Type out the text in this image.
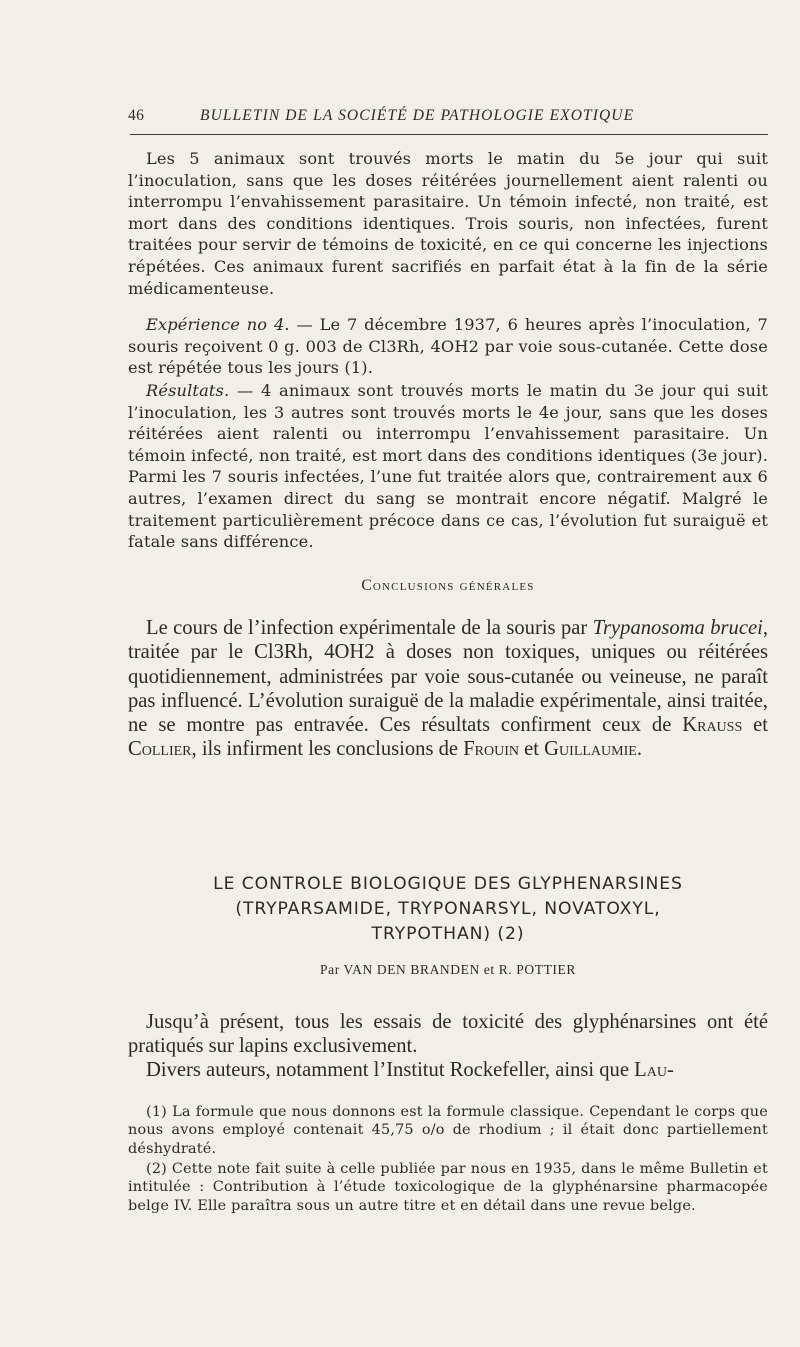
46	BULLETIN DE LA SOCIÉTÉ DE PATHOLOGIE EXOTIQUE

Les 5 animaux sont trouvés morts le matin du 5e jour qui suit l’inoculation, sans que les doses réitérées journellement aient ralenti ou interrompu l’envahissement parasitaire. Un témoin infecté, non traité, est mort dans des conditions identiques. Trois souris, non infectées, furent traitées pour servir de témoins de toxicité, en ce qui concerne les injections répétées. Ces animaux furent sacrifiés en parfait état à la fin de la série médicamenteuse.

Expérience no 4. — Le 7 décembre 1937, 6 heures après l’inoculation, 7 souris reçoivent 0 g. 003 de Cl3Rh, 4OH2 par voie sous-cutanée. Cette dose est répétée tous les jours (1).

Résultats. — 4 animaux sont trouvés morts le matin du 3e jour qui suit l’inoculation, les 3 autres sont trouvés morts le 4e jour, sans que les doses réitérées aient ralenti ou interrompu l’envahissement parasitaire. Un témoin infecté, non traité, est mort dans des conditions identiques (3e jour). Parmi les 7 souris infectées, l’une fut traitée alors que, contrairement aux 6 autres, l’examen direct du sang se montrait encore négatif. Malgré le traitement particulièrement précoce dans ce cas, l’évolution fut suraiguë et fatale sans différence.

Conclusions générales

Le cours de l’infection expérimentale de la souris par Trypanosoma brucei, traitée par le Cl3Rh, 4OH2 à doses non toxiques, uniques ou réitérées quotidiennement, administrées par voie sous-cutanée ou veineuse, ne paraît pas influencé. L’évolution suraiguë de la maladie expérimentale, ainsi traitée, ne se montre pas entravée. Ces résultats confirment ceux de Krauss et Collier, ils infirment les conclusions de Frouin et Guillaumie.

LE CONTROLE BIOLOGIQUE DES GLYPHENARSINES
(TRYPARSAMIDE, TRYPONARSYL, NOVATOXYL,
TRYPOTHAN) (2)
Par VAN DEN BRANDEN et R. POTTIER

Jusqu’à présent, tous les essais de toxicité des glyphénarsines ont été pratiqués sur lapins exclusivement.

Divers auteurs, notamment l’Institut Rockefeller, ainsi que Lau-

(1) La formule que nous donnons est la formule classique. Cependant le corps que nous avons employé contenait 45,75 o/o de rhodium ; il était donc partiellement déshydraté.

(2) Cette note fait suite à celle publiée par nous en 1935, dans le même Bulletin et intitulée : Contribution à l’étude toxicologique de la glyphénarsine pharmacopée belge IV. Elle paraîtra sous un autre titre et en détail dans une revue belge.
